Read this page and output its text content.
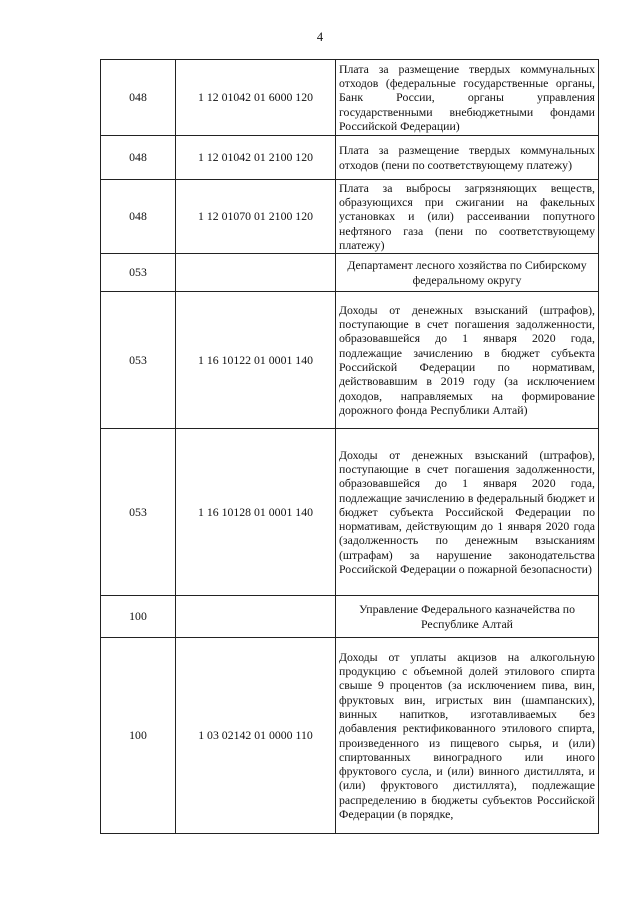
4
048	1 12 01042 01 6000 120	Плата за размещение твердых коммунальных отходов (федеральные государственные органы, Банк России, органы управления государственными внебюджетными фондами Российской Федерации)
048	1 12 01042 01 2100 120	Плата за размещение твердых коммунальных отходов (пени по соответствующему платежу)
048	1 12 01070 01 2100 120	Плата за выбросы загрязняющих веществ, образующихся при сжигании на факельных установках и (или) рассеивании попутного нефтяного газа (пени по соответствующему платежу)
053		Департамент лесного хозяйства по Сибирскому федеральному округу
053	1 16 10122 01 0001 140	Доходы от денежных взысканий (штрафов), поступающие в счет погашения задолженности, образовавшейся до 1 января 2020 года, подлежащие зачислению в бюджет субъекта Российской Федерации по нормативам, действовавшим в 2019 году (за исключением доходов, направляемых на формирование дорожного фонда Республики Алтай)
053	1 16 10128 01 0001 140	Доходы от денежных взысканий (штрафов), поступающие в счет погашения задолженности, образовавшейся до 1 января 2020 года, подлежащие зачислению в федеральный бюджет и бюджет субъекта Российской Федерации по нормативам, действующим до 1 января 2020 года (задолженность по денежным взысканиям (штрафам) за нарушение законодательства Российской Федерации о пожарной безопасности)
100		Управление Федерального казначейства по Республике Алтай
100	1 03 02142 01 0000 110	Доходы от уплаты акцизов на алкогольную продукцию с объемной долей этилового спирта свыше 9 процентов (за исключением пива, вин, фруктовых вин, игристых вин (шампанских), винных напитков, изготавливаемых без добавления ректификованного этилового спирта, произведенного из пищевого сырья, и (или) спиртованных виноградного или иного фруктового сусла, и (или) винного дистиллята, и (или) фруктового дистиллята), подлежащие распределению в бюджеты субъектов Российской Федерации (в порядке,
